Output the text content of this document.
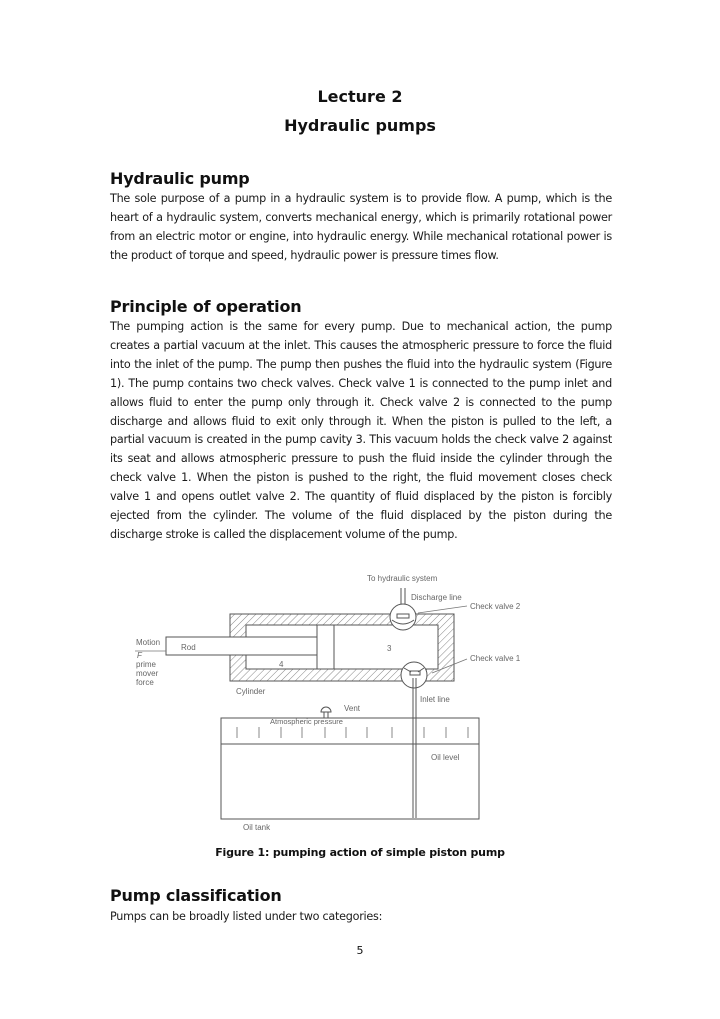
Lecture 2
Hydraulic pumps
Hydraulic pump
The sole purpose of a pump in a hydraulic system is to provide flow. A pump, which is the heart of a hydraulic system, converts mechanical energy, which is primarily rotational power from an electric motor or engine, into hydraulic energy. While mechanical rotational power is the product of torque and speed, hydraulic power is pressure times flow.
Principle of operation
The pumping action is the same for every pump. Due to mechanical action, the pump creates a partial vacuum at the inlet. This causes the atmospheric pressure to force the fluid into the inlet of the pump. The pump then pushes the fluid into the hydraulic system (Figure 1). The pump contains two check valves. Check valve 1 is connected to the pump inlet and allows fluid to enter the pump only through it. Check valve 2 is connected to the pump discharge and allows fluid to exit only through it. When the piston is pulled to the left, a partial vacuum is created in the pump cavity 3. This vacuum holds the check valve 2 against its seat and allows atmospheric pressure to push the fluid inside the cylinder through the check valve 1. When the piston is pushed to the right, the fluid movement closes check valve 1 and opens outlet valve 2. The quantity of fluid displaced by the piston is forcibly ejected from the cylinder. The volume of the fluid displaced by the piston during the discharge stroke is called the displacement volume of the pump.
To hydraulic system
Discharge line
Check valve 2
Check valve 1
Motion
F
prime
mover
force
Rod	3
4
Cylinder
Inlet line
Vent
Atmospheric pressure
Oil level
Oil tank
Figure 1: pumping action of simple piston pump
Pump classification
Pumps can be broadly listed under two categories:
5
